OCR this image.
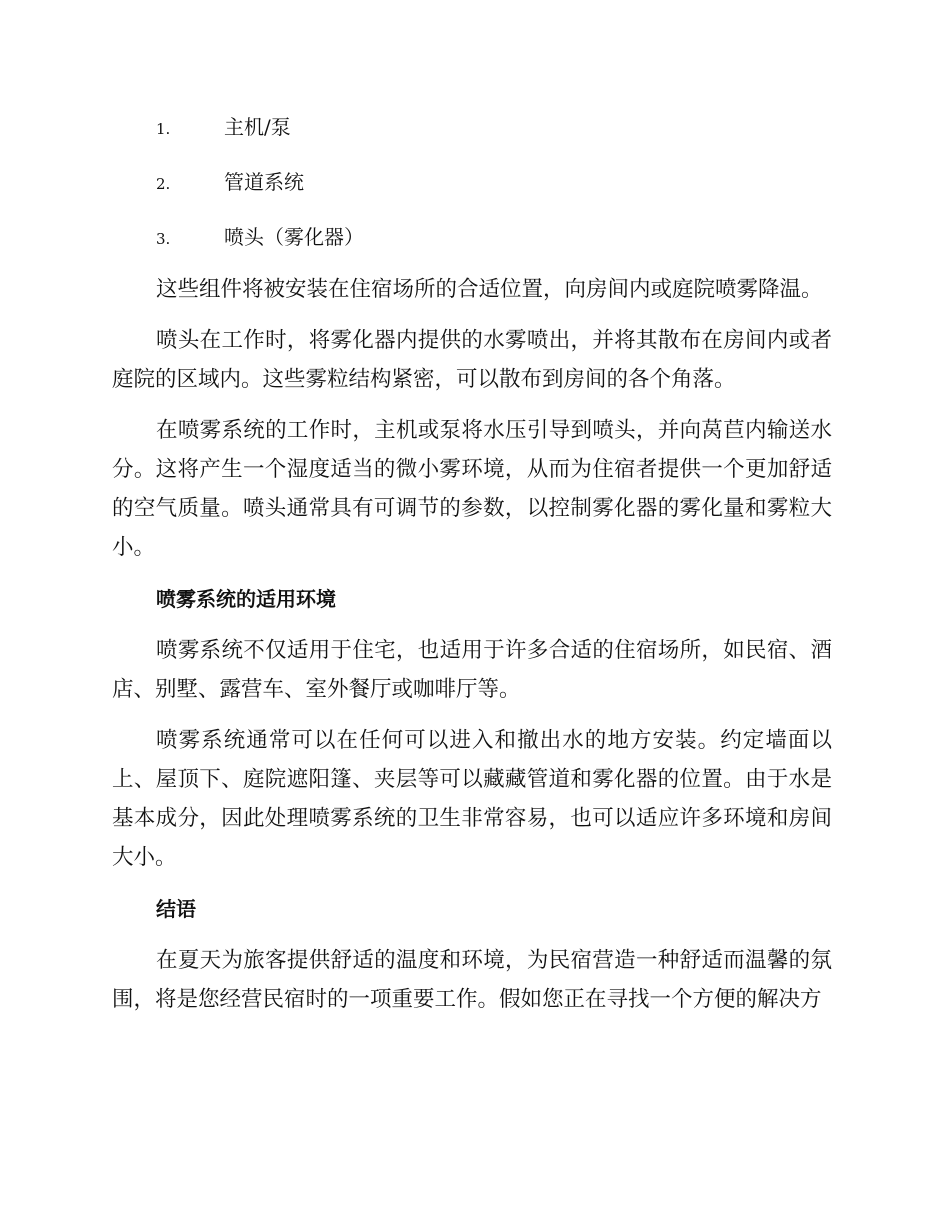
1.	主机/泵
2.	管道系统
3.	喷头（雾化器）

这些组件将被安装在住宿场所的合适位置，向房间内或庭院喷雾降温。

喷头在工作时，将雾化器内提供的水雾喷出，并将其散布在房间内或者庭院的区域内。这些雾粒结构紧密，可以散布到房间的各个角落。

在喷雾系统的工作时，主机或泵将水压引导到喷头，并向莴苣内输送水分。这将产生一个湿度适当的微小雾环境，从而为住宿者提供一个更加舒适的空气质量。喷头通常具有可调节的参数，以控制雾化器的雾化量和雾粒大小。

喷雾系统的适用环境

喷雾系统不仅适用于住宅，也适用于许多合适的住宿场所，如民宿、酒店、别墅、露营车、室外餐厅或咖啡厅等。

喷雾系统通常可以在任何可以进入和撤出水的地方安装。约定墙面以上、屋顶下、庭院遮阳篷、夹层等可以藏藏管道和雾化器的位置。由于水是基本成分，因此处理喷雾系统的卫生非常容易，也可以适应许多环境和房间大小。

结语

在夏天为旅客提供舒适的温度和环境，为民宿营造一种舒适而温馨的氛围，将是您经营民宿时的一项重要工作。假如您正在寻找一个方便的解决方
